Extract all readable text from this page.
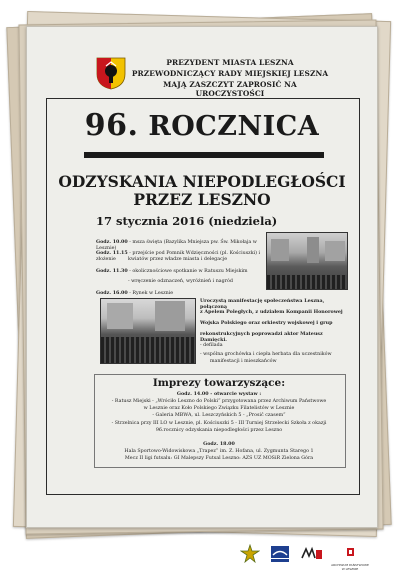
PREZYDENT MIASTA LESZNA
PRZEWODNICZĄCY RADY MIEJSKIEJ LESZNA
MAJĄ ZASZCZYT ZAPROSIĆ NA UROCZYSTOŚCI
96. ROCZNICA
ODZYSKANIA NIEPODLEGŁOŚCI
PRZEZ LESZNO
17 stycznia 2016 (niedziela)
Godz. 10.00 - msza święta (Bazylika Mniejsza pw. Św. Mikołaja w Lesznie)
Godz. 11.15 - przejście pod Pomnik Wdzięczności (pl. Kościuszki) i złożenie	kwiatów przez władze miasta i delegacje
Godz. 11.30 - okolicznościowe spotkanie w Ratuszu Miejskim
- wręczenie odznaczeń, wyróżnień i nagród
Godz. 16.00 - Rynek w Lesznie
Uroczystą manifestację społeczeństwa Leszna, połączoną
z Apelem Poległych, z udziałem Kompanii Honorowej
Wojska Polskiego oraz orkiestry wojskowej i grup
rekonstrukcyjnych poprowadzi aktor Mateusz Damięcki.
- defilada
- wspólna grochówka i ciepła herbata dla uczestników
manifestacji i mieszkańców
Imprezy towarzyszące:
Godz. 14.00 - otwarcie wystaw :
- Ratusz Miejski - „Wróciło Leszno do Polski” przygotowana przez Archiwum Państwowe
w Lesznie oraz Koło Polskiego Związku Filatelistów w Lesznie
- Galeria MBWA, ul. Leszczyńskich 5 - „Prosić czasem”
- Strzelnica przy III LO w Lesznie, pl. Kościuszki 5 - III Turniej Strzelecki Szkoła z okazji
96.rocznicy odzyskania niepodległości przez Leszno
Godz. 18.00
Hala Sportowo-Widowiskowa „Trapez” im. Z. Hofana, ul. Zygmunta Starego 1
Mecz II ligi futsalu: GI Malepszy Futsal Leszno: AZS UZ MOSiR Zielona Góra
ARCHIWUM PAŃSTWOWE W LESZNIE
